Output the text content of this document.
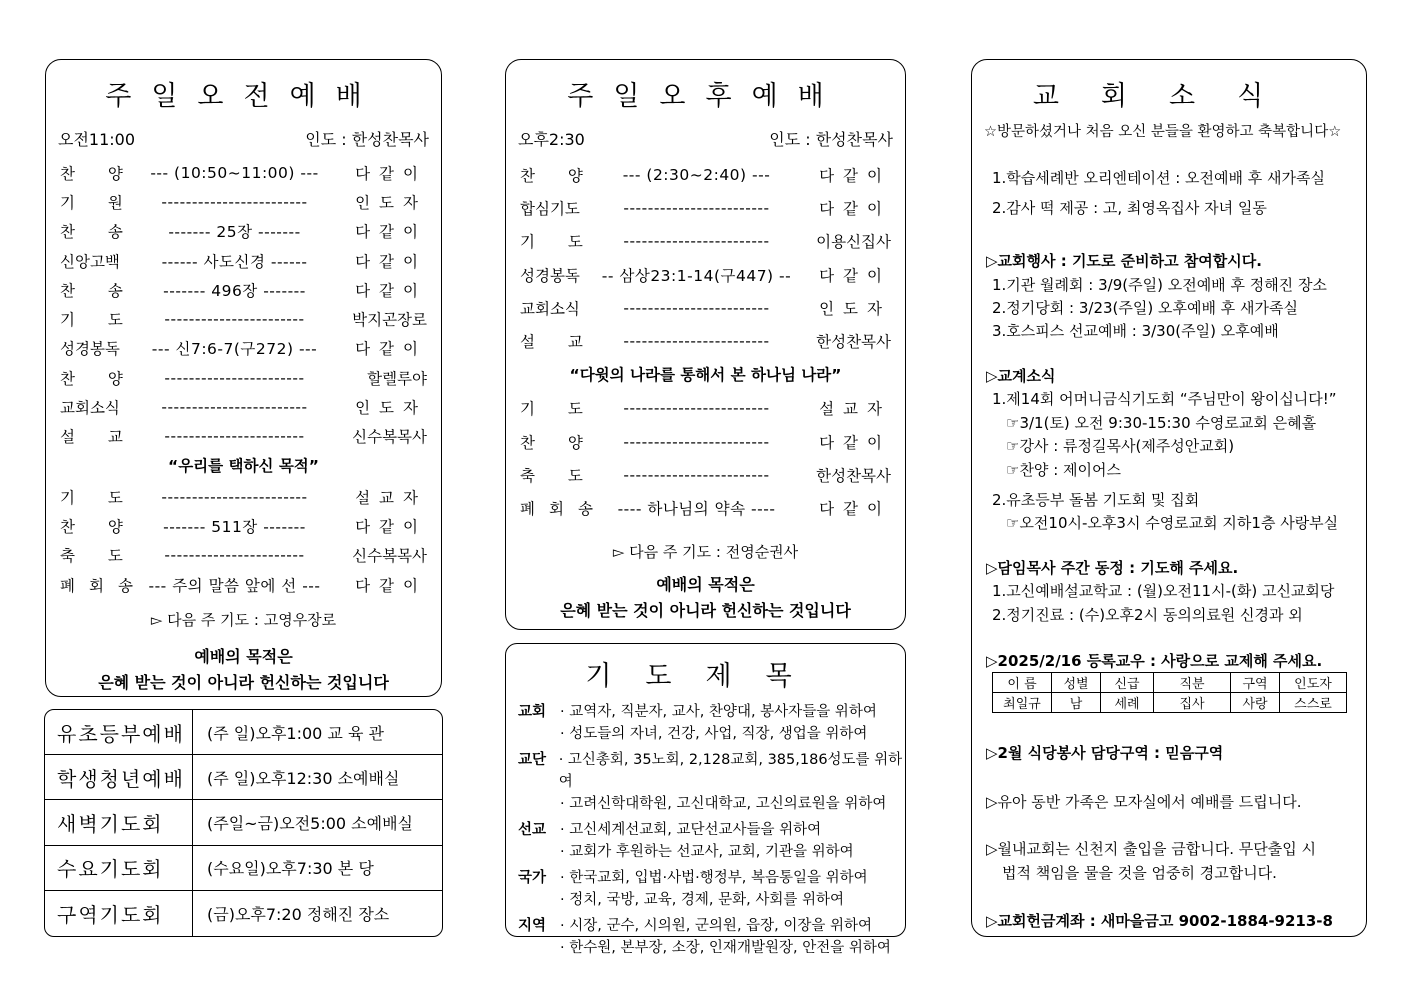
주일오전예배
오전11:00	인도 : 한성찬목사
찬 양 --- (10:50~11:00) ---	다같이
기 원	------------------------	인도자
찬 송	------- 25장 -------	다같이
신앙고백	------ 사도신경 ------	다같이
찬 송	------- 496장 -------	다같이
기 도	-----------------------	박지곤장로
성경봉독	--- 신7:6-7(구272) ---	다같이
찬 양	-----------------------	할렐루야
교회소식	------------------------	인도자
설 교	-----------------------	신수복목사
“우리를 택하신 목적”
기 도	------------------------	설교자
찬 양	------- 511장 -------	다같이
축 도	-----------------------	신수복목사
폐회송 --- 주의 말씀 앞에 선 ---	다같이
▻ 다음 주 기도 : 고영우장로
예배의 목적은
은혜 받는 것이 아니라 헌신하는 것입니다
유초등부예배	(주 일)오후1:00 교 육 관
학생청년예배	(주 일)오후12:30 소예배실
새벽기도회	(주일~금)오전5:00 소예배실
수요기도회	(수요일)오후7:30 본 당
구역기도회	(금)오후7:20 정해진 장소
주일오후예배
오후2:30	인도 : 한성찬목사
찬 양	--- (2:30~2:40) ---	다같이
합심기도	------------------------	다같이
기 도	------------------------	이용신집사
성경봉독	-- 삼상23:1-14(구447) --	다같이
교회소식	------------------------	인도자
설 교	------------------------	한성찬목사
“다윗의 나라를 통해서 본 하나님 나라”
기 도	------------------------	설교자
찬 양	------------------------	다같이
축 도	------------------------	한성찬목사
폐회송 ---- 하나님의 약속 ----	다같이
▻ 다음 주 기도 : 전영순권사
예배의 목적은
은혜 받는 것이 아니라 헌신하는 것입니다
기도제목
교회 · 교역자, 직분자, 교사, 찬양대, 봉사자들을 위하여
· 성도들의 자녀, 건강, 사업, 직장, 생업을 위하여
교단 · 고신총회, 35노회, 2,128교회, 385,186성도를 위하여
· 고려신학대학원, 고신대학교, 고신의료원을 위하여
선교 · 고신세계선교회, 교단선교사들을 위하여
· 교회가 후원하는 선교사, 교회, 기관을 위하여
국가 · 한국교회, 입법·사법·행정부, 복음통일을 위하여
· 정치, 국방, 교육, 경제, 문화, 사회를 위하여
지역 · 시장, 군수, 시의원, 군의원, 읍장, 이장을 위하여
· 한수원, 본부장, 소장, 인재개발원장, 안전을 위하여
교회소식
☆방문하셨거나 처음 오신 분들을 환영하고 축복합니다☆
1.학습세례반 오리엔테이션 : 오전예배 후 새가족실
2.감사 떡 제공 : 고, 최영옥집사 자녀 일동
▷교회행사 : 기도로 준비하고 참여합시다.
1.기관 월례회 : 3/9(주일) 오전예배 후 정해진 장소
2.정기당회 : 3/23(주일) 오후예배 후 새가족실
3.호스피스 선교예배 : 3/30(주일) 오후예배
▷교계소식
1.제14회 어머니금식기도회 “주님만이 왕이십니다!”
☞3/1(토) 오전 9:30-15:30 수영로교회 은혜홀
☞강사 : 류정길목사(제주성안교회)
☞찬양 : 제이어스
2.유초등부 돌봄 기도회 및 집회
☞오전10시-오후3시 수영로교회 지하1층 사랑부실
▷담임목사 주간 동정 : 기도해 주세요.
1.고신예배설교학교 : (월)오전11시-(화) 고신교회당
2.정기진료 : (수)오후2시 동의의료원 신경과 외
▷2025/2/16 등록교우 : 사랑으로 교제해 주세요.
이 름	성별	신급	직분	구역	인도자
최일규	남	세례	집사	사랑	스스로
▷2월 식당봉사 담당구역 : 믿음구역
▷유아 동반 가족은 모자실에서 예배를 드립니다.
▷월내교회는 신천지 출입을 금합니다. 무단출입 시
법적 책임을 물을 것을 엄중히 경고합니다.
▷교회헌금계좌 : 새마을금고 9002-1884-9213-8
